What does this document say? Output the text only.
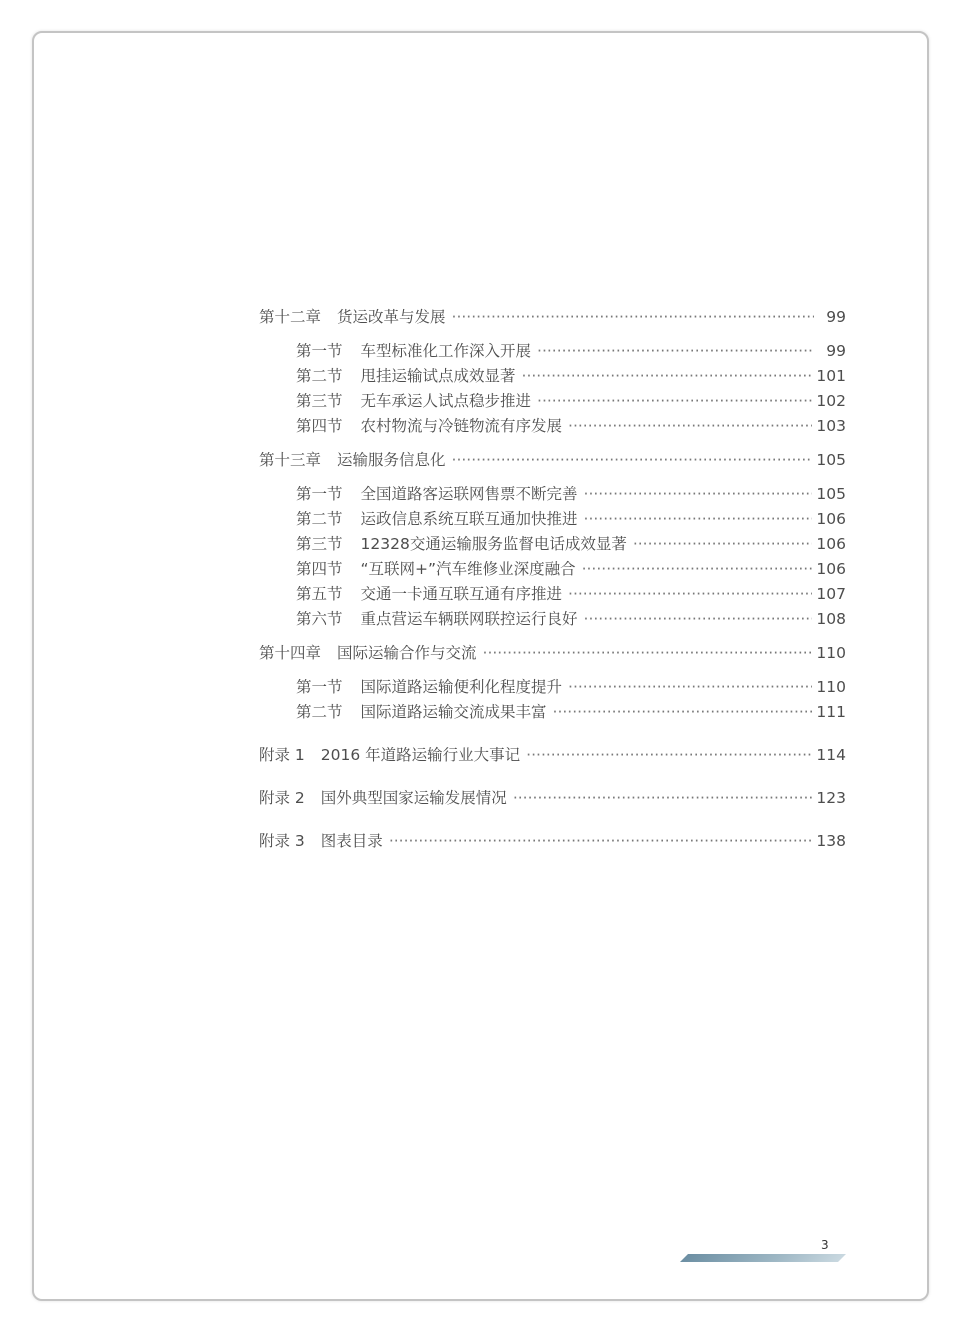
第十二章 货运改革与发展 ·····	99
第一节 车型标准化工作深入开展 ·····	99
第二节 甩挂运输试点成效显著 ·····	101
第三节 无车承运人试点稳步推进 ·····	102
第四节 农村物流与冷链物流有序发展 ·····	103
第十三章 运输服务信息化 ·····	105
第一节 全国道路客运联网售票不断完善 ·····	105
第二节 运政信息系统互联互通加快推进 ·····	106
第三节 12328交通运输服务监督电话成效显著 ·····	106
第四节 “互联网+”汽车维修业深度融合 ·····	106
第五节 交通一卡通互联互通有序推进 ·····	107
第六节 重点营运车辆联网联控运行良好 ·····	108
第十四章 国际运输合作与交流 ·····	110
第一节 国际道路运输便利化程度提升 ·····	110
第二节 国际道路运输交流成果丰富 ·····	111
附录 1 2016 年道路运输行业大事记 ·····	114
附录 2 国外典型国家运输发展情况 ·····	123
附录 3 图表目录 ·····	138
3
